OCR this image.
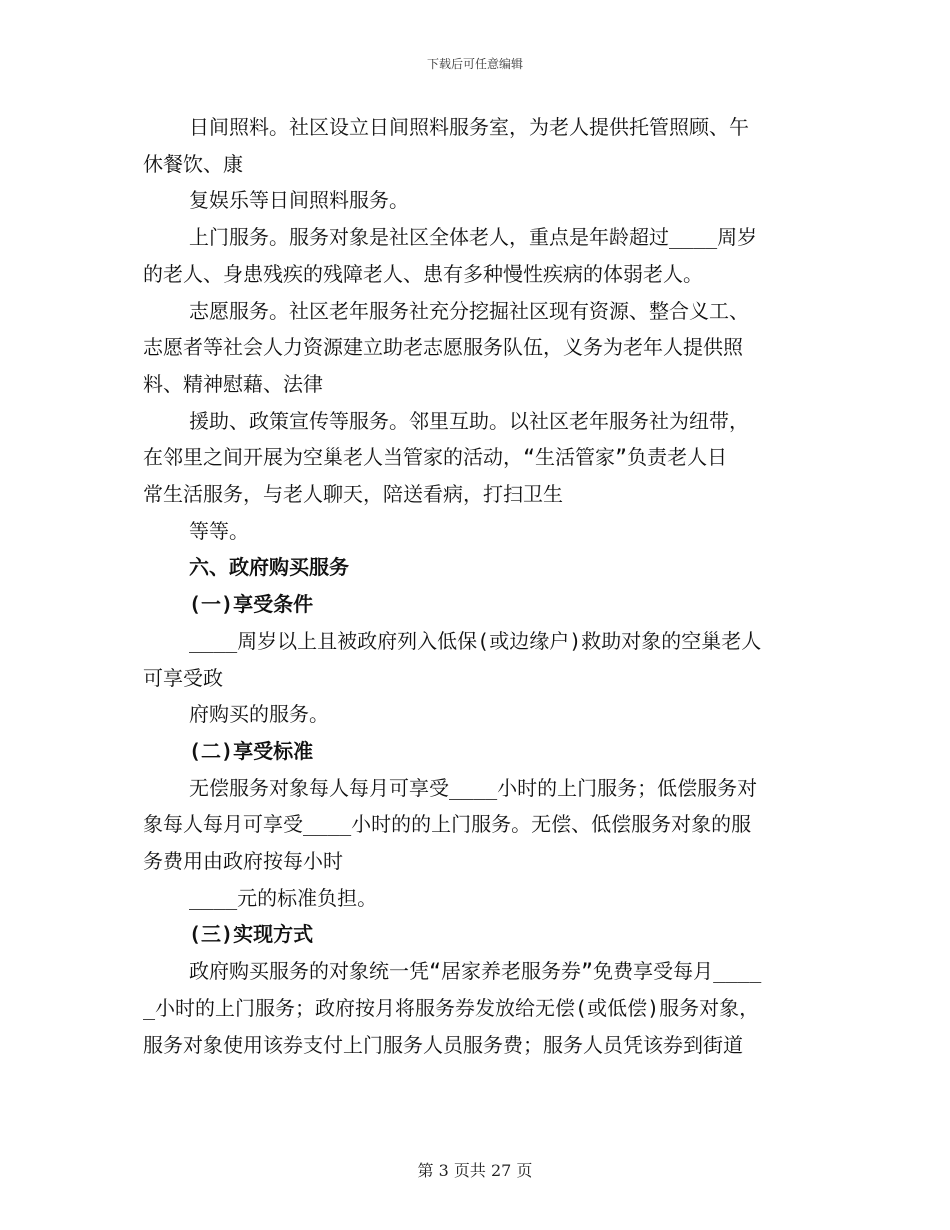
下载后可任意编辑

日间照料。社区设立日间照料服务室，为老人提供托管照顾、午

休餐饮、康

复娱乐等日间照料服务。

上门服务。服务对象是社区全体老人，重点是年龄超过____周岁

的老人、身患残疾的残障老人、患有多种慢性疾病的体弱老人。

志愿服务。社区老年服务社充分挖掘社区现有资源、整合义工、

志愿者等社会人力资源建立助老志愿服务队伍，义务为老年人提供照

料、精神慰藉、法律

援助、政策宣传等服务。邻里互助。以社区老年服务社为纽带，

在邻里之间开展为空巢老人当管家的活动，“生活管家”负责老人日

常生活服务，与老人聊天，陪送看病，打扫卫生

等等。

六、政府购买服务

(一)享受条件

____周岁以上且被政府列入低保(或边缘户)救助对象的空巢老人

可享受政

府购买的服务。

(二)享受标准

无偿服务对象每人每月可享受____小时的上门服务；低偿服务对

象每人每月可享受____小时的的上门服务。无偿、低偿服务对象的服

务费用由政府按每小时

____元的标准负担。

(三)实现方式

政府购买服务的对象统一凭“居家养老服务券”免费享受每月____

_小时的上门服务；政府按月将服务券发放给无偿(或低偿)服务对象，

服务对象使用该券支付上门服务人员服务费；服务人员凭该券到街道

第 3 页共 27 页
